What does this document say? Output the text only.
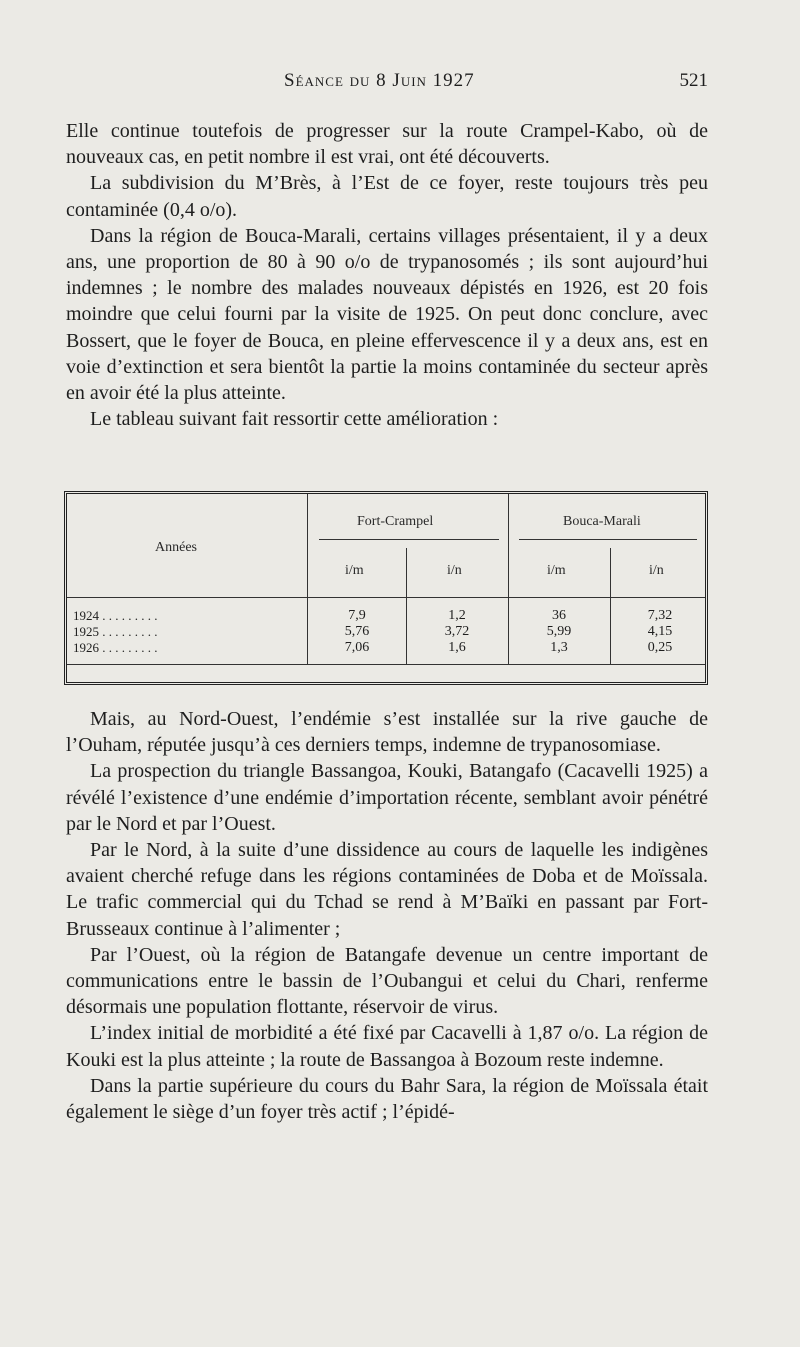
Séance du 8 Juin 1927	521

Elle continue toutefois de progresser sur la route Crampel-Kabo, où de nouveaux cas, en petit nombre il est vrai, ont été découverts.

La subdivision du M’Brès, à l’Est de ce foyer, reste toujours très peu contaminée (0,4 o/o).

Dans la région de Bouca-Marali, certains villages présentaient, il y a deux ans, une proportion de 80 à 90 o/o de trypanosomés ; ils sont aujourd’hui indemnes ; le nombre des malades nouveaux dépistés en 1926, est 20 fois moindre que celui fourni par la visite de 1925. On peut donc conclure, avec Bossert, que le foyer de Bouca, en pleine effervescence il y a deux ans, est en voie d’extinction et sera bientôt la partie la moins contaminée du secteur après en avoir été la plus atteinte.

Le tableau suivant fait ressortir cette amélioration :

Années
Fort-Crampel	Bouca-Marali
i/m	i/n	i/m	i/n
1924 . . . . . . . . .	7,9	1,2	36	7,32
1925 . . . . . . . . .	5,76	3,72	5,99	4,15
1926 . . . . . . . . .	7,06	1,6	1,3	0,25

Mais, au Nord-Ouest, l’endémie s’est installée sur la rive gauche de l’Ouham, réputée jusqu’à ces derniers temps, indemne de trypanosomiase.

La prospection du triangle Bassangoa, Kouki, Batangafo (Cacavelli 1925) a révélé l’existence d’une endémie d’importation récente, semblant avoir pénétré par le Nord et par l’Ouest.

Par le Nord, à la suite d’une dissidence au cours de laquelle les indigènes avaient cherché refuge dans les régions contaminées de Doba et de Moïssala. Le trafic commercial qui du Tchad se rend à M’Baïki en passant par Fort-Brusseaux continue à l’alimenter ;

Par l’Ouest, où la région de Batangafe devenue un centre important de communications entre le bassin de l’Oubangui et celui du Chari, renferme désormais une population flottante, réservoir de virus.

L’index initial de morbidité a été fixé par Cacavelli à 1,87 o/o. La région de Kouki est la plus atteinte ; la route de Bassangoa à Bozoum reste indemne.

Dans la partie supérieure du cours du Bahr Sara, la région de Moïssala était également le siège d’un foyer très actif ; l’épidé-
